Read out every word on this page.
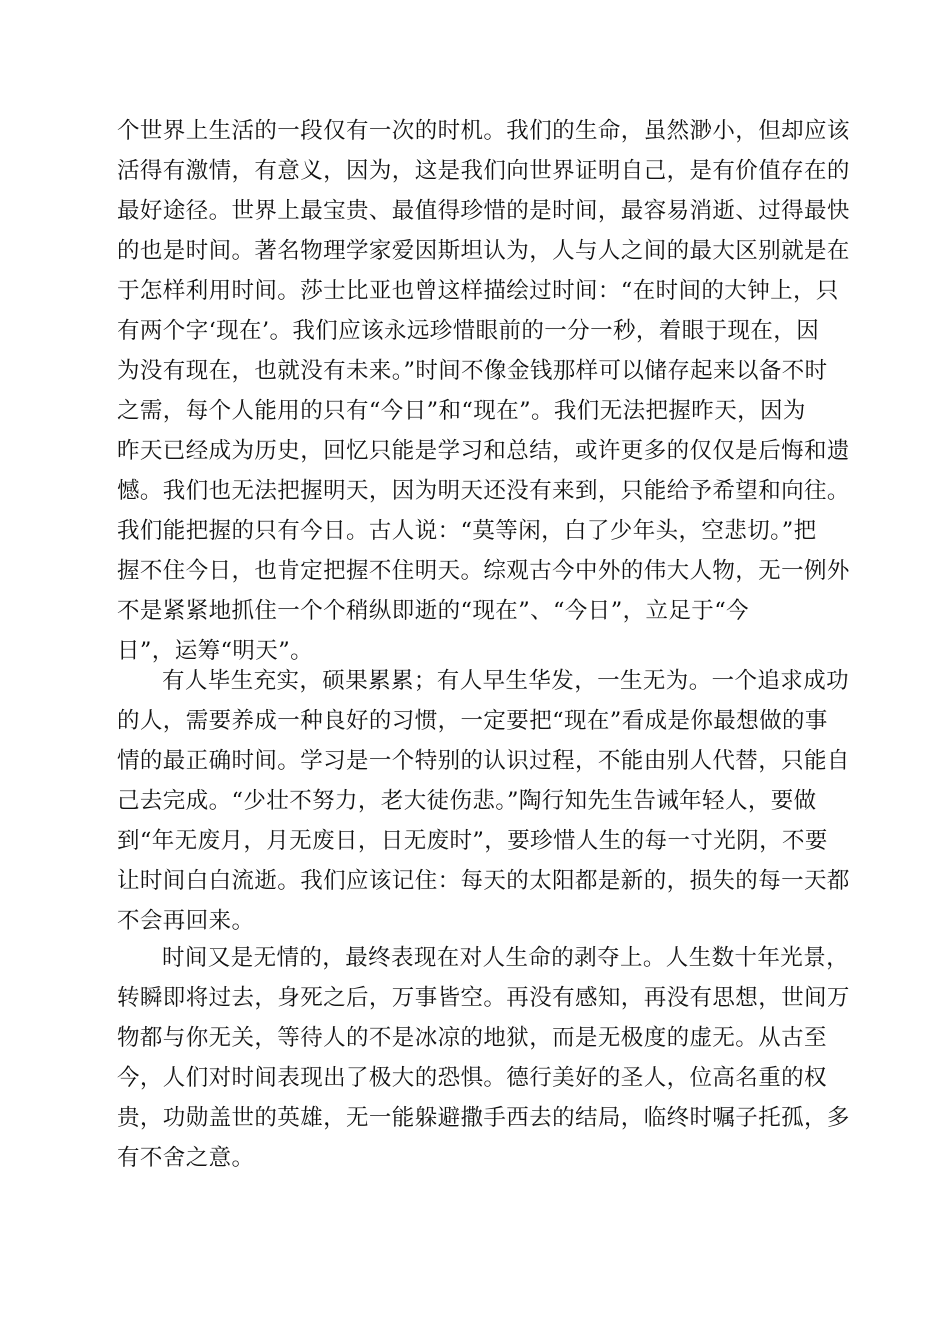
个世界上生活的一段仅有一次的时机。我们的生命，虽然渺小，但却应该
活得有激情，有意义，因为，这是我们向世界证明自己，是有价值存在的
最好途径。世界上最宝贵、最值得珍惜的是时间，最容易消逝、过得最快
的也是时间。著名物理学家爱因斯坦认为，人与人之间的最大区别就是在
于怎样利用时间。莎士比亚也曾这样描绘过时间：“在时间的大钟上，只
有两个字‘现在’。我们应该永远珍惜眼前的一分一秒，着眼于现在，因
为没有现在，也就没有未来。”时间不像金钱那样可以储存起来以备不时
之需，每个人能用的只有“今日”和“现在”。我们无法把握昨天，因为
昨天已经成为历史，回忆只能是学习和总结，或许更多的仅仅是后悔和遗
憾。我们也无法把握明天，因为明天还没有来到，只能给予希望和向往。
我们能把握的只有今日。古人说：“莫等闲，白了少年头，空悲切。”把
握不住今日，也肯定把握不住明天。综观古今中外的伟大人物，无一例外
不是紧紧地抓住一个个稍纵即逝的“现在”、“今日”，立足于“今
日”，运筹“明天”。
有人毕生充实，硕果累累；有人早生华发，一生无为。一个追求成功
的人，需要养成一种良好的习惯，一定要把“现在”看成是你最想做的事
情的最正确时间。学习是一个特别的认识过程，不能由别人代替，只能自
己去完成。“少壮不努力，老大徒伤悲。”陶行知先生告诫年轻人，要做
到“年无废月，月无废日，日无废时”，要珍惜人生的每一寸光阴，不要
让时间白白流逝。我们应该记住：每天的太阳都是新的，损失的每一天都
不会再回来。
时间又是无情的，最终表现在对人生命的剥夺上。人生数十年光景，
转瞬即将过去，身死之后，万事皆空。再没有感知，再没有思想，世间万
物都与你无关，等待人的不是冰凉的地狱，而是无极度的虚无。从古至
今，人们对时间表现出了极大的恐惧。德行美好的圣人，位高名重的权
贵，功勋盖世的英雄，无一能躲避撒手西去的结局，临终时嘱子托孤，多
有不舍之意。
